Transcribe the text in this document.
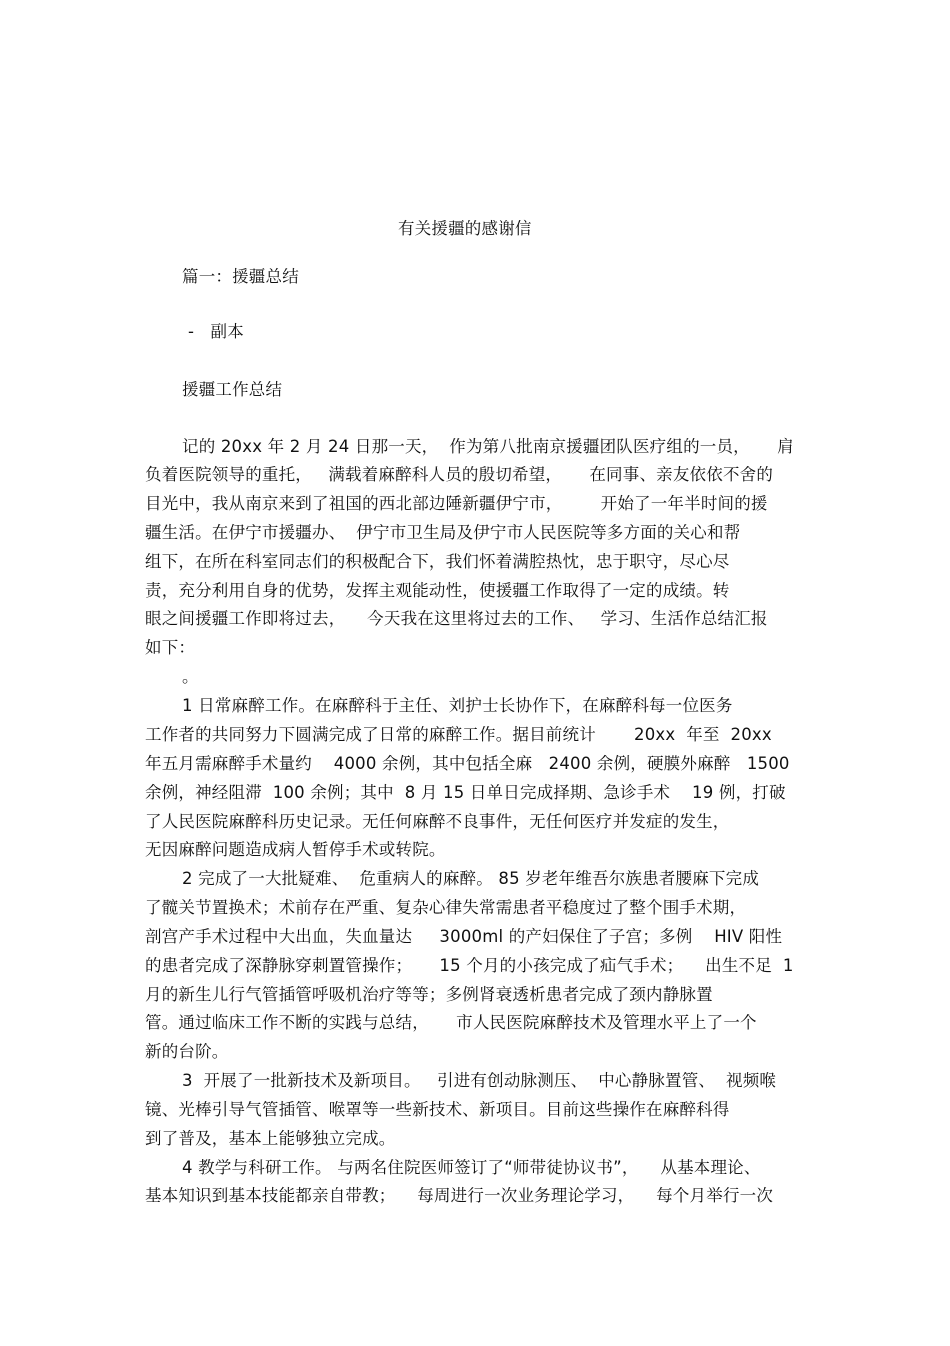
有关援疆的感谢信
篇一：援疆总结
-   副本
援疆工作总结
记的 20xx 年 2 月 24 日那一天，  作为第八批南京援疆团队医疗组的一员，     肩
负着医院领导的重托，   满载着麻醉科人员的殷切希望，     在同事、亲友依依不舍的
目光中，我从南京来到了祖国的西北部边陲新疆伊宁市，       开始了一年半时间的援
疆生活。在伊宁市援疆办、  伊宁市卫生局及伊宁市人民医院等多方面的关心和帮
组下，在所在科室同志们的积极配合下，我们怀着满腔热忱，忠于职守，尽心尽
责，充分利用自身的优势，发挥主观能动性，使援疆工作取得了一定的成绩。转
眼之间援疆工作即将过去，    今天我在这里将过去的工作、   学习、生活作总结汇报
如下：
。
1 日常麻醉工作。在麻醉科于主任、刘护士长协作下，在麻醉科每一位医务
工作者的共同努力下圆满完成了日常的麻醉工作。据目前统计       20xx  年至  20xx
年五月需麻醉手术量约    4000 余例，其中包括全麻   2400 余例，硬膜外麻醉   1500
余例，神经阻滞  100 余例；其中  8 月 15 日单日完成择期、急诊手术    19 例，打破
了人民医院麻醉科历史记录。无任何麻醉不良事件，无任何医疗并发症的发生，
无因麻醉问题造成病人暂停手术或转院。
2 完成了一大批疑难、  危重病人的麻醉。 85 岁老年维吾尔族患者腰麻下完成
了髋关节置换术；术前存在严重、复杂心律失常需患者平稳度过了整个围手术期，
剖宫产手术过程中大出血，失血量达     3000ml 的产妇保住了子宫；多例    HIV 阳性
的患者完成了深静脉穿刺置管操作；     15 个月的小孩完成了疝气手术；    出生不足  1
月的新生儿行气管插管呼吸机治疗等等；多例肾衰透析患者完成了颈内静脉置
管。通过临床工作不断的实践与总结，     市人民医院麻醉技术及管理水平上了一个
新的台阶。
3  开展了一批新技术及新项目。   引进有创动脉测压、  中心静脉置管、  视频喉
镜、光棒引导气管插管、喉罩等一些新技术、新项目。目前这些操作在麻醉科得
到了普及，基本上能够独立完成。
4 教学与科研工作。 与两名住院医师签订了“师带徒协议书”，    从基本理论、
基本知识到基本技能都亲自带教；    每周进行一次业务理论学习，    每个月举行一次
